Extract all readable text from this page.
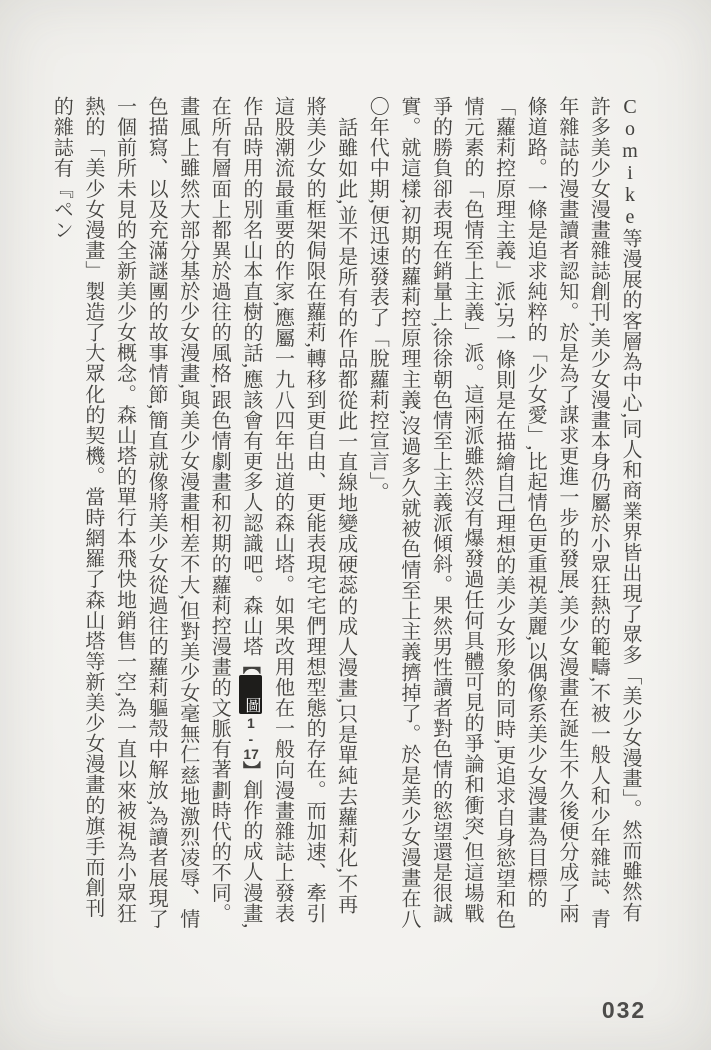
Comike等漫展的客層為中心,同人和商業界皆出現了眾多「美少女漫畫」。然而雖然有許多美少女漫畫雜誌創刊,美少女漫畫本身仍屬於小眾狂熱的範疇,不被一般人和少年雜誌、青年雜誌的漫畫讀者認知。於是為了謀求更進一步的發展,美少女漫畫在誕生不久後便分成了兩條道路。一條是追求純粹的「少女愛」,比起情色更重視美麗,以偶像系美少女漫畫為目標的「蘿莉控原理主義」派;另一條則是在描繪自己理想的美少女形象的同時,更追求自身慾望和色情元素的「色情至上主義」派。這兩派雖然沒有爆發過任何具體可見的爭論和衝突,但這場戰爭的勝負卻表現在銷量上,徐徐朝色情至上主義派傾斜。果然男性讀者對色情的慾望還是很誠實。就這樣,初期的蘿莉控原理主義,沒過多久就被色情至上主義擠掉了。於是美少女漫畫在八〇年代中期,便迅速發表了「脫蘿莉控宣言」。

話雖如此,並不是所有的作品都從此一直線地變成硬蕊的成人漫畫,只是單純去蘿莉化,不再將美少女的框架侷限在蘿莉,轉移到更自由、更能表現宅宅們理想型態的存在。而加速、牽引這股潮流最重要的作家,應屬一九八四年出道的森山塔。如果改用他在一般向漫畫雜誌上發表作品時用的別名山本直樹的話,應該會有更多人認識吧。森山塔【圖1-17】創作的成人漫畫,在所有層面上都異於過往的風格,跟色情劇畫和初期的蘿莉控漫畫的文脈有著劃時代的不同。畫風上雖然大部分基於少女漫畫,與美少女漫畫相差不大,但對美少女毫無仁慈地激烈凌辱、情色描寫、以及充滿謎團的故事情節,簡直就像將美少女從過往的蘿莉軀殼中解放,為讀者展現了一個前所未見的全新美少女概念。森山塔的單行本飛快地銷售一空,為一直以來被視為小眾狂熱的「美少女漫畫」製造了大眾化的契機。當時網羅了森山塔等新美少女漫畫的旗手而創刊的雜誌有『ペン

032
